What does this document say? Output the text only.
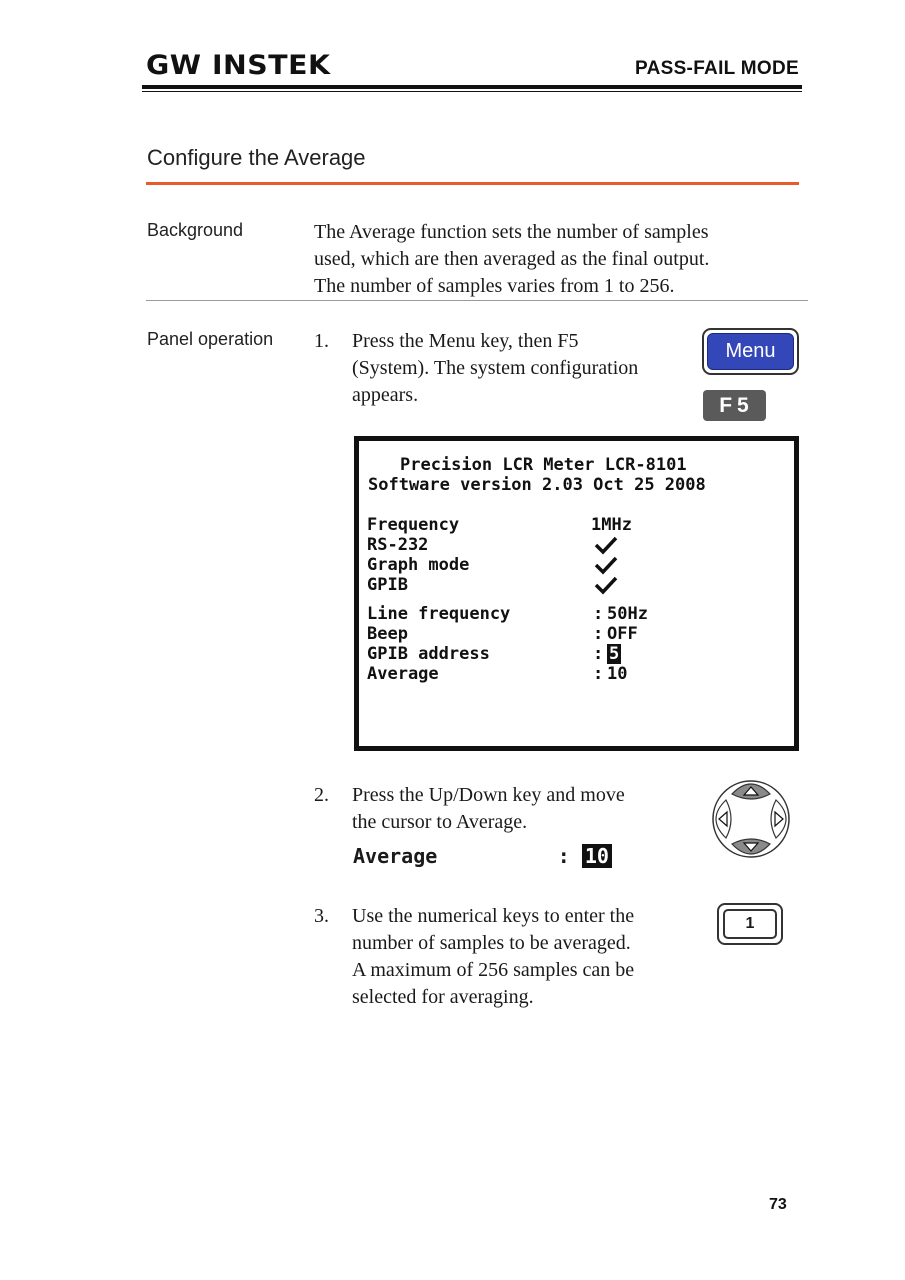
GW INSTEK	PASS-FAIL MODE
Configure the Average
Background	The Average function sets the number of samples
used, which are then averaged as the final output.
The number of samples varies from 1 to 256.
Panel operation 1. Press the Menu key, then F5
(System). The system configuration
appears.
Menu
F5
Precision LCR Meter LCR-8101
Software version 2.03 Oct 25 2008
Frequency	1MHz
RS-232
Graph mode
GPIB
Line frequency	: 50Hz
Beep	: OFF
GPIB address	: 5
Average	: 10
2. Press the Up/Down key and move
the cursor to Average.
Average	: 10
3. Use the numerical keys to enter the
number of samples to be averaged.
A maximum of 256 samples can be
selected for averaging.
1
73
